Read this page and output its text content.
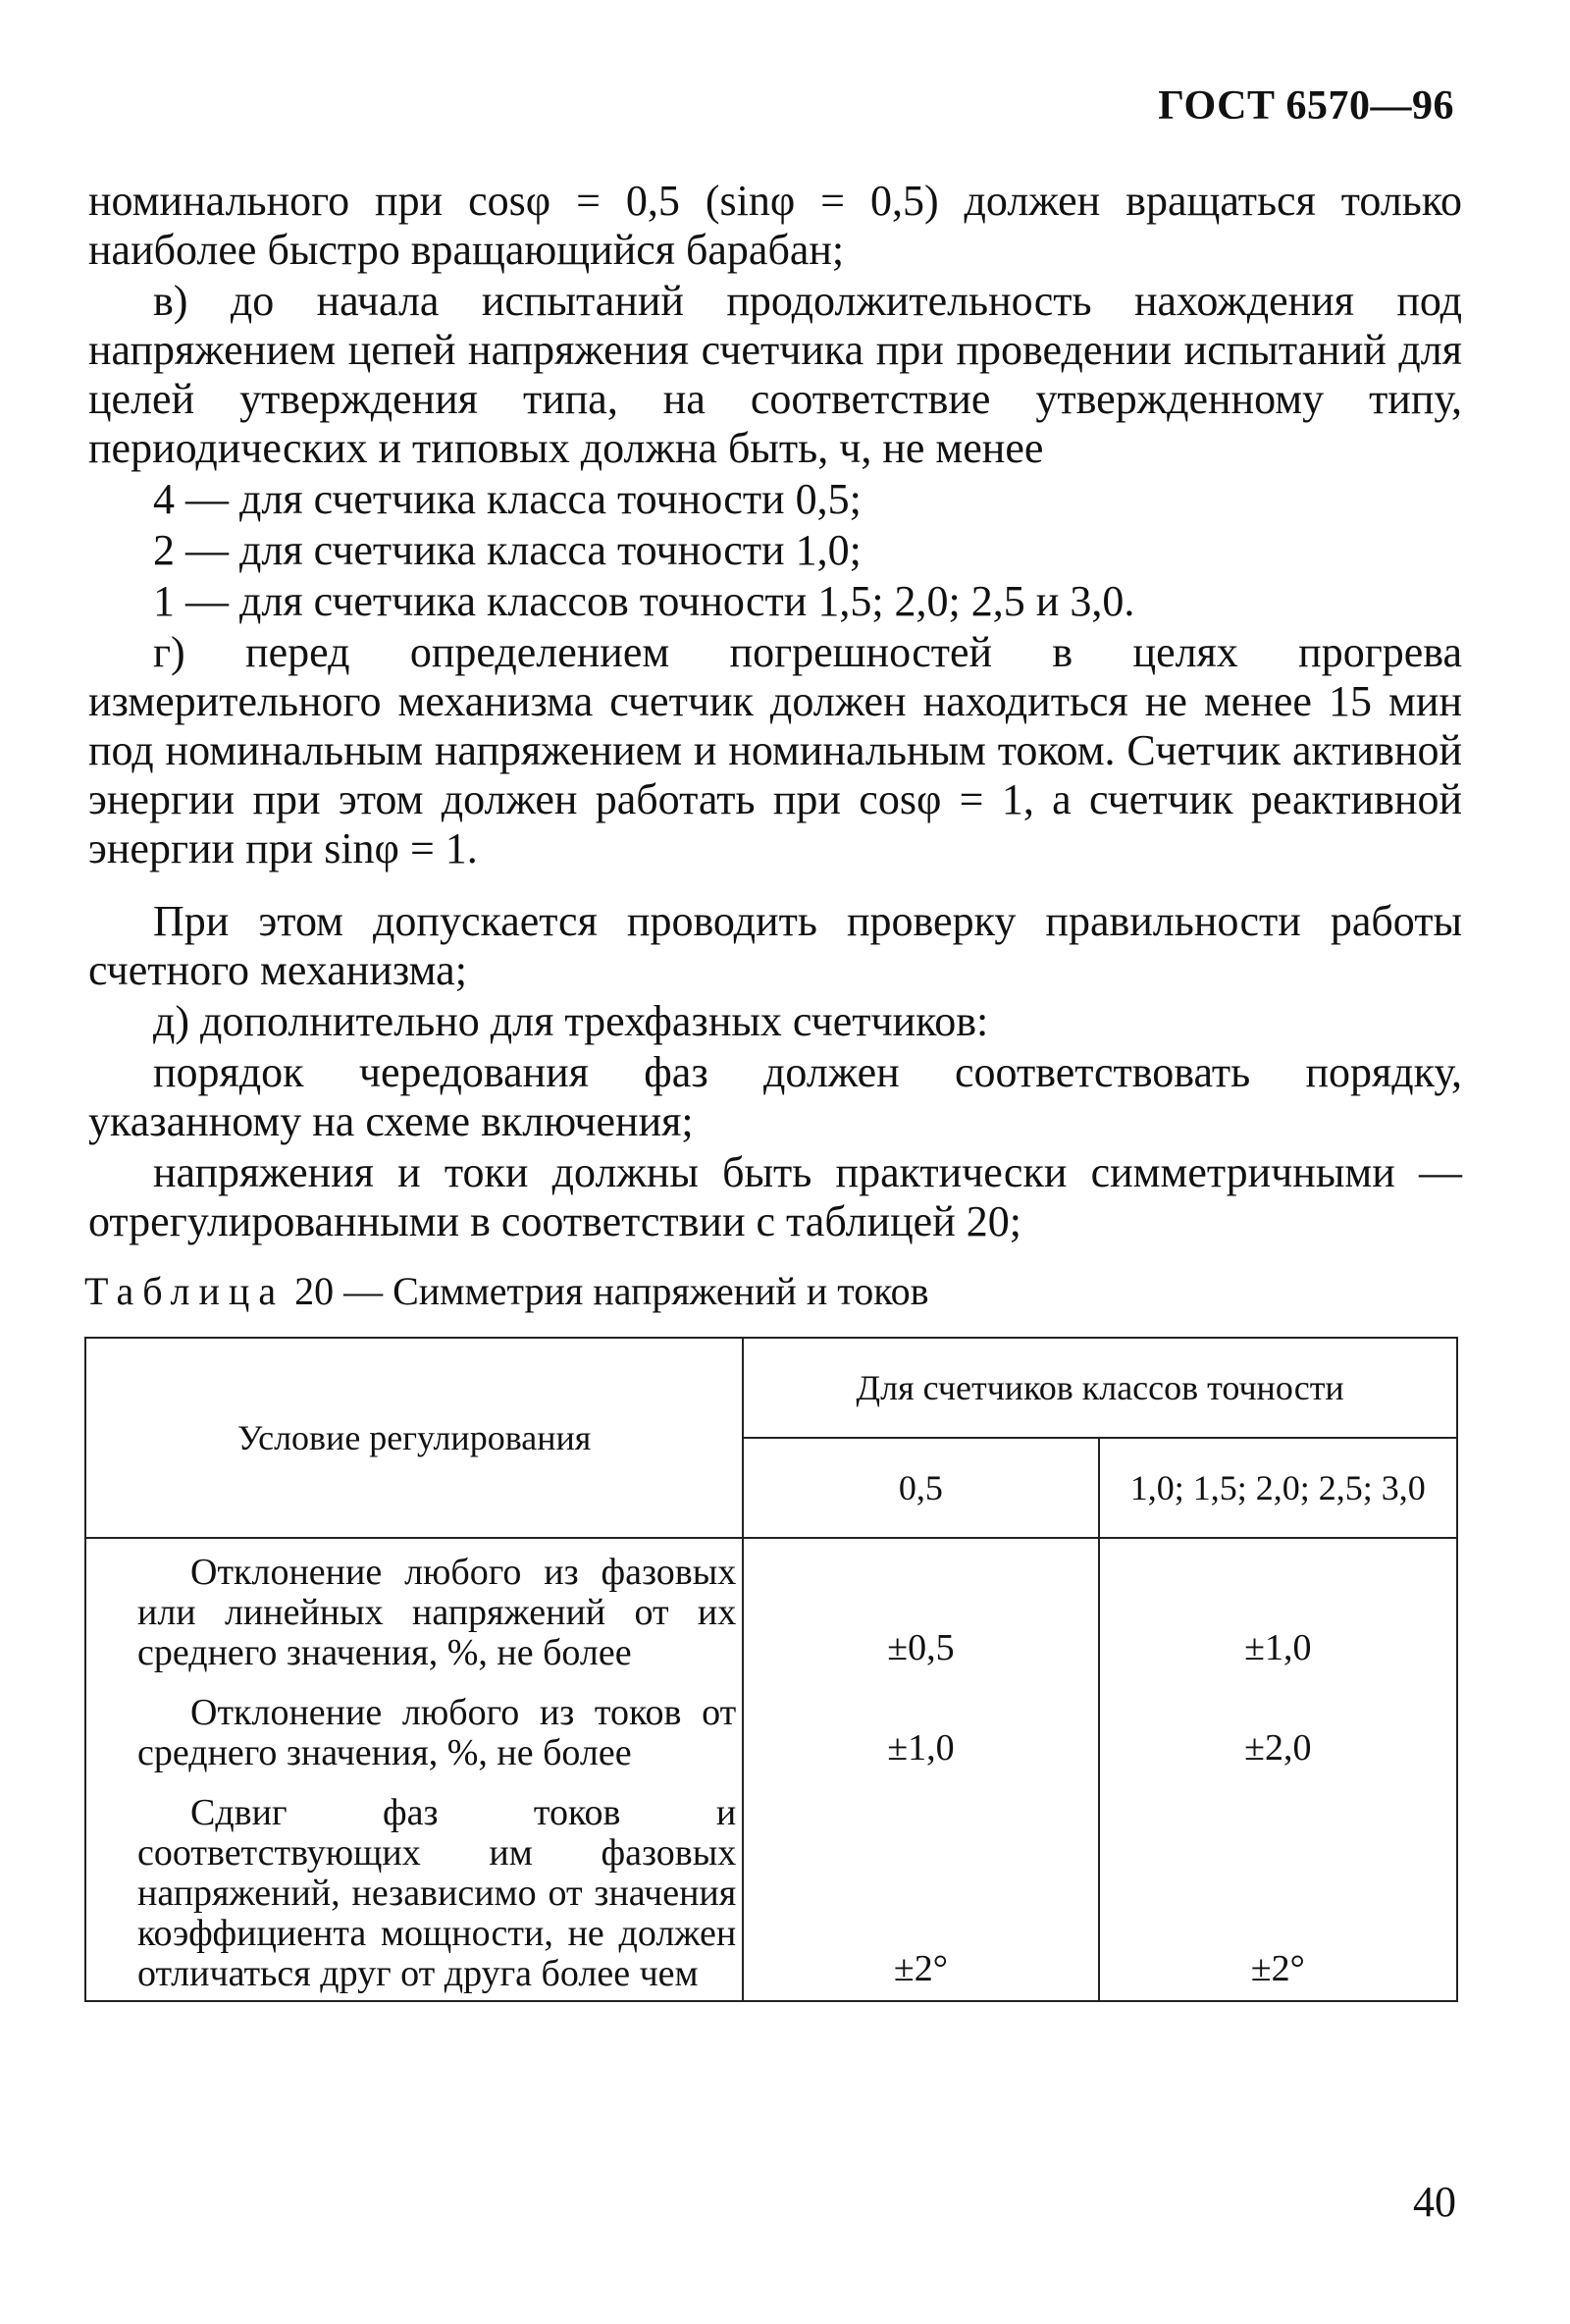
ГОСТ 6570—96

номинального при cosφ = 0,5 (sinφ = 0,5) должен вращаться только наиболее быстро вращающийся барабан;

в) до начала испытаний продолжительность нахождения под напряжением цепей напряжения счетчика при проведении испытаний для целей утверждения типа, на соответствие утвержденному типу, периодических и типовых должна быть, ч, не менее

4 — для счетчика класса точности 0,5;

2 — для счетчика класса точности 1,0;

1 — для счетчика классов точности 1,5; 2,0; 2,5 и 3,0.

г) перед определением погрешностей в целях прогрева измерительного механизма счетчик должен находиться не менее 15 мин под номинальным напряжением и номинальным током. Счетчик активной энергии при этом должен работать при cosφ = 1, а счетчик реактивной энергии при sinφ = 1.

При этом допускается проводить проверку правильности работы счетного механизма;

д) дополнительно для трехфазных счетчиков:

порядок чередования фаз должен соответствовать порядку, указанному на схеме включения;

напряжения и токи должны быть практически симметричными — отрегулированными в соответствии с таблицей 20;

Таблица 20 — Симметрия напряжений и токов
Условие регулирования	Для счетчиков классов точности	
	0,5	1,0; 1,5; 2,0; 2,5; 3,0
Отклонение любого из фазовых или линейных напряжений от их среднего значения, %, не более	±0,5	±1,0
Отклонение любого из токов от среднего значения, %, не более	±1,0	±2,0
Сдвиг фаз токов и соответствующих им фазовых напряжений, независимо от значения коэффициента мощности, не должен отличаться друг от друга более чем	±2°	±2°
40
